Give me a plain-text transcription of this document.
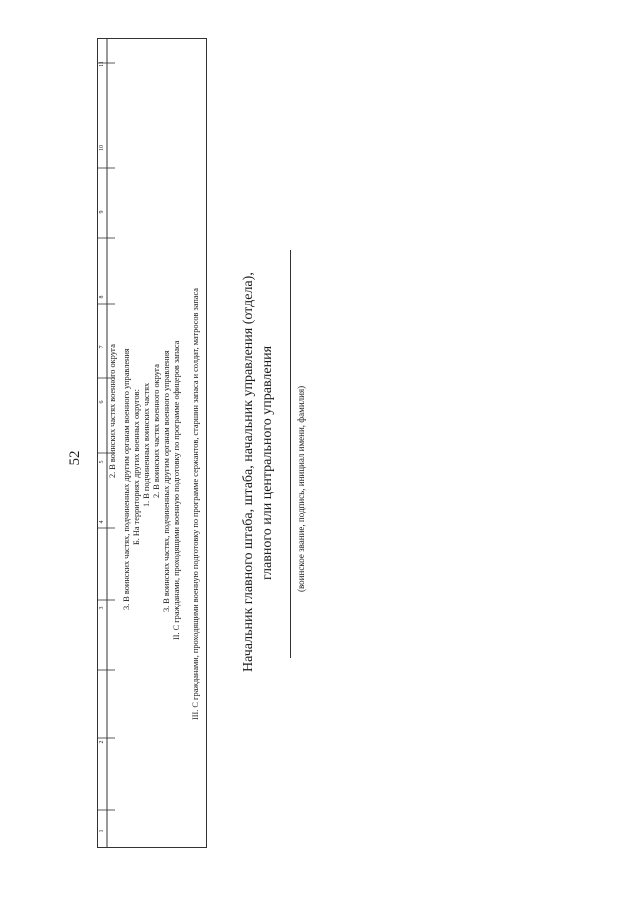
52
1
2
3
4
5
6
7
8
9
10
11
2. В воинских частях военного округа 3. В воинских частях, подчиненных другим органам военного управления Б. На территориях других военных округов: 1. В подчиненных воинских частях 2. В воинских частях военного округа 3. В воинских частях, подчиненных другим органам военного управления II. С гражданами, проходящими военную подготовку по программе офицеров запаса III. С гражданами, проходящими военную подготовку по программе сержантов, старшин запаса и солдат, матросов запаса	Начальник главного штаба, штаба, начальник управления (отдела), главного или центрального управления (воинское звание, подпись, инициал имени, фамилия)
